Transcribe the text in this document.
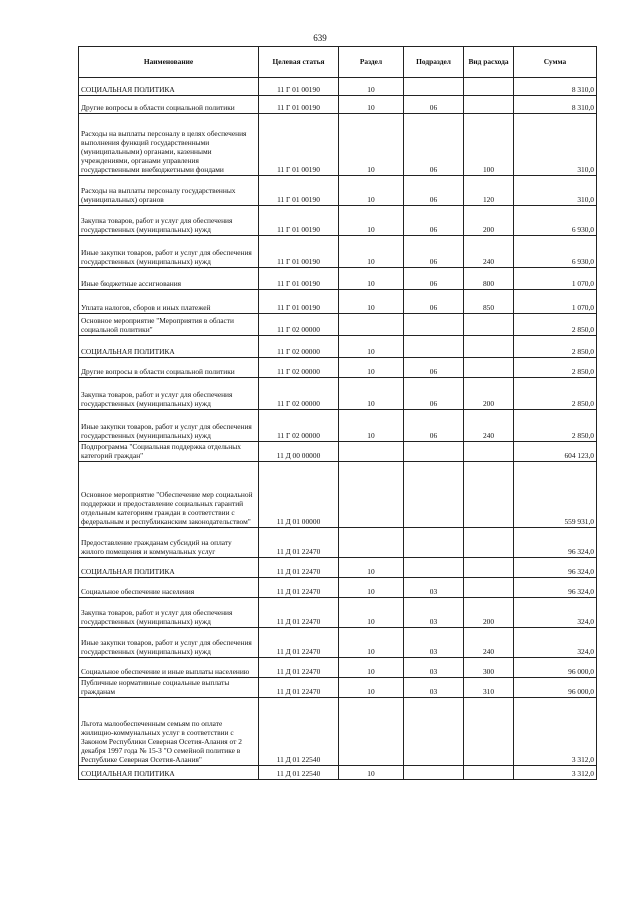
639
Наименование	Целевая статья	Раздел	Подраздел	Вид расхода	Сумма
СОЦИАЛЬНАЯ ПОЛИТИКА	11 Г 01 00190	10			8 310,0
Другие вопросы в области социальной политики	11 Г 01 00190	10	06		8 310,0
Расходы на выплаты персоналу в целях обеспечения выполнения функций государственными (муниципальными) органами, казенными учреждениями, органами управления государственными внебюджетными фондами	11 Г 01 00190	10	06	100	310,0
Расходы на выплаты персоналу государственных (муниципальных) органов	11 Г 01 00190	10	06	120	310,0
Закупка товаров, работ и услуг для обеспечения государственных (муниципальных) нужд	11 Г 01 00190	10	06	200	6 930,0
Иные закупки товаров, работ и услуг для обеспечения государственных (муниципальных) нужд	11 Г 01 00190	10	06	240	6 930,0
Иные бюджетные ассигнования	11 Г 01 00190	10	06	800	1 070,0
Уплата налогов, сборов и иных платежей	11 Г 01 00190	10	06	850	1 070,0
Основное мероприятие "Мероприятия в области социальной политики"	11 Г 02 00000				2 850,0
СОЦИАЛЬНАЯ ПОЛИТИКА	11 Г 02 00000	10			2 850,0
Другие вопросы в области социальной политики	11 Г 02 00000	10	06		2 850,0
Закупка товаров, работ и услуг для обеспечения государственных (муниципальных) нужд	11 Г 02 00000	10	06	200	2 850,0
Иные закупки товаров, работ и услуг для обеспечения государственных (муниципальных) нужд	11 Г 02 00000	10	06	240	2 850,0
Подпрограмма "Социальная поддержка отдельных категорий граждан"	11 Д 00 00000				604 123,0
Основное мероприятие "Обеспечение мер социальной поддержки и предоставление социальных гарантий отдельным категориям граждан в соответствии с федеральным и республиканским законодательством"	11 Д 01 00000				559 931,0
Предоставление гражданам субсидий на оплату жилого помещения и коммунальных услуг	11 Д 01 22470				96 324,0
СОЦИАЛЬНАЯ ПОЛИТИКА	11 Д 01 22470	10			96 324,0
Социальное обеспечение населения	11 Д 01 22470	10	03		96 324,0
Закупка товаров, работ и услуг для обеспечения государственных (муниципальных) нужд	11 Д 01 22470	10	03	200	324,0
Иные закупки товаров, работ и услуг для обеспечения государственных (муниципальных) нужд	11 Д 01 22470	10	03	240	324,0
Социальное обеспечение и иные выплаты населению	11 Д 01 22470	10	03	300	96 000,0
Публичные нормативные социальные выплаты гражданам	11 Д 01 22470	10	03	310	96 000,0
Льгота малообеспеченным семьям по оплате жилищно-коммунальных услуг в соответствии с Законом Республики Северная Осетия-Алания от 2 декабря 1997 года № 15-З "О семейной политике в Республике Северная Осетия-Алания"	11 Д 01 22540				3 312,0
СОЦИАЛЬНАЯ ПОЛИТИКА	11 Д 01 22540	10			3 312,0
